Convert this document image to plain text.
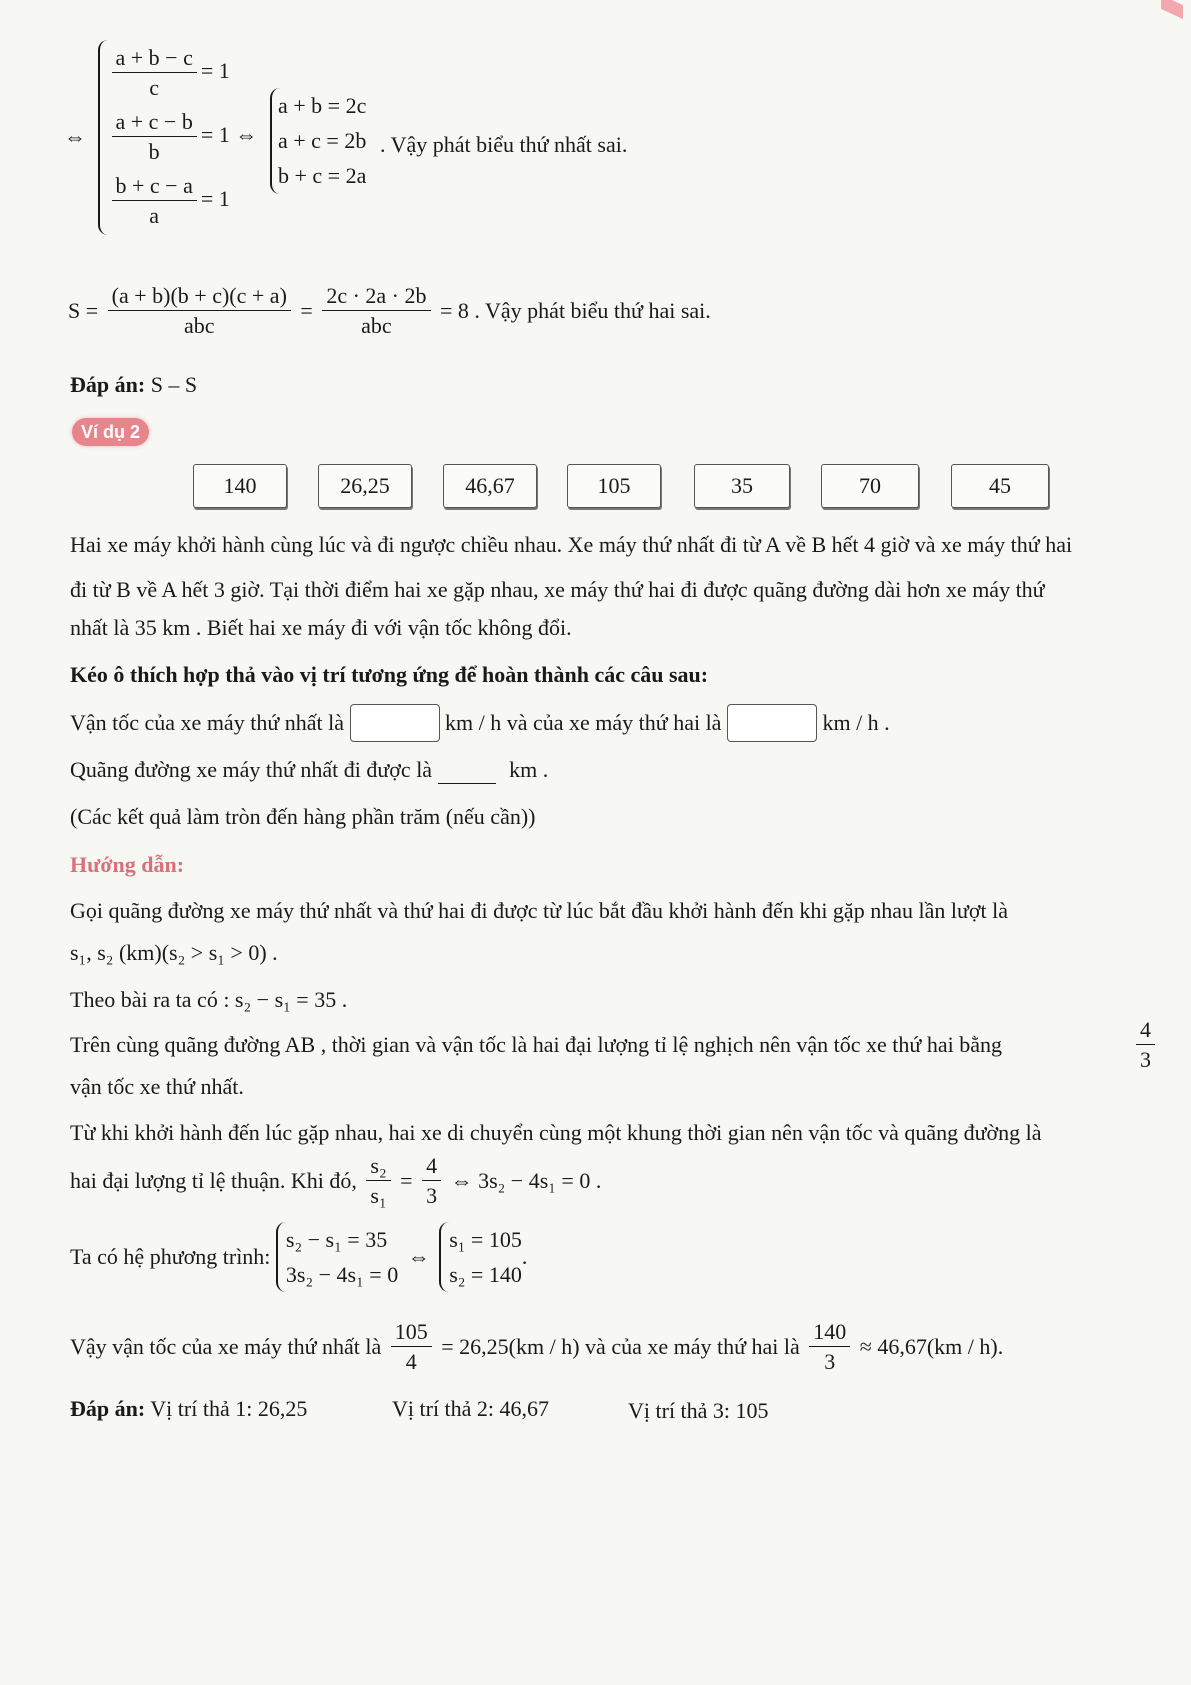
⇔
$\frac{a + b - c}{c} = 1$
$\frac{a + c - b}{b} = 1$ ⇔
$\frac{b + c - a}{a} = 1$
a + b = 2c
a + c = 2b
b + c = 2a
. Vậy phát biểu thứ nhất sai.
$S = \frac{(a + b)(b + c)(c + a)}{\text{abc}} = \frac{2c \cdot 2a \cdot 2b}{\text{abc}} = 8$ . Vậy phát biểu thứ hai sai.
Đáp án: S – S
Ví dụ 2
140	26,25	46,67	105	35	70	45
Hai xe máy khởi hành cùng lúc và đi ngược chiều nhau. Xe máy thứ nhất đi từ A về B hết 4 giờ và xe máy thứ hai
đi từ B về A hết 3 giờ. Tại thời điểm hai xe gặp nhau, xe máy thứ hai đi được quãng đường dài hơn xe máy thứ
nhất là 35 km . Biết hai xe máy đi với vận tốc không đổi.
Kéo ô thích hợp thả vào vị trí tương ứng để hoàn thành các câu sau:
Vận tốc của xe máy thứ nhất là	km / h và của xe máy thứ hai là	km / h .
Quãng đường xe máy thứ nhất đi được là	km .
(Các kết quả làm tròn đến hàng phần trăm (nếu cần))
Hướng dẫn:
Gọi quãng đường xe máy thứ nhất và thứ hai đi được từ lúc bắt đầu khởi hành đến khi gặp nhau lần lượt là
s₁, s₂ (km)(s₂ > s₁ > 0) .
Theo bài ra ta có : s₂ − s₁ = 35 .
Trên cùng quãng đường AB , thời gian và vận tốc là hai đại lượng tỉ lệ nghịch nên vận tốc xe thứ hai bằng	$\frac{4}{3}$
vận tốc xe thứ nhất.
Từ khi khởi hành đến lúc gặp nhau, hai xe di chuyển cùng một khung thời gian nên vận tốc và quãng đường là
hai đại lượng tỉ lệ thuận. Khi đó, $\frac{\text{s₂}}{\text{s₁}} = \frac{4}{3}$ ⇔ 3s₂ − 4s₁ = 0 .
Ta có hệ phương trình:
s₂ − s₁ = 35
3s₂ − 4s₁ = 0
⇔
s₁ = 105
s₂ = 140
.
Vậy vận tốc của xe máy thứ nhất là $\frac{105}{4} = 26,25(km / h)$ và của xe máy thứ hai là $\frac{140}{3} \approx 46,67(km / h)$.
Đáp án: Vị trí thả 1: 26,25	Vị trí thả 2: 46,67	Vị trí thả 3: 105
